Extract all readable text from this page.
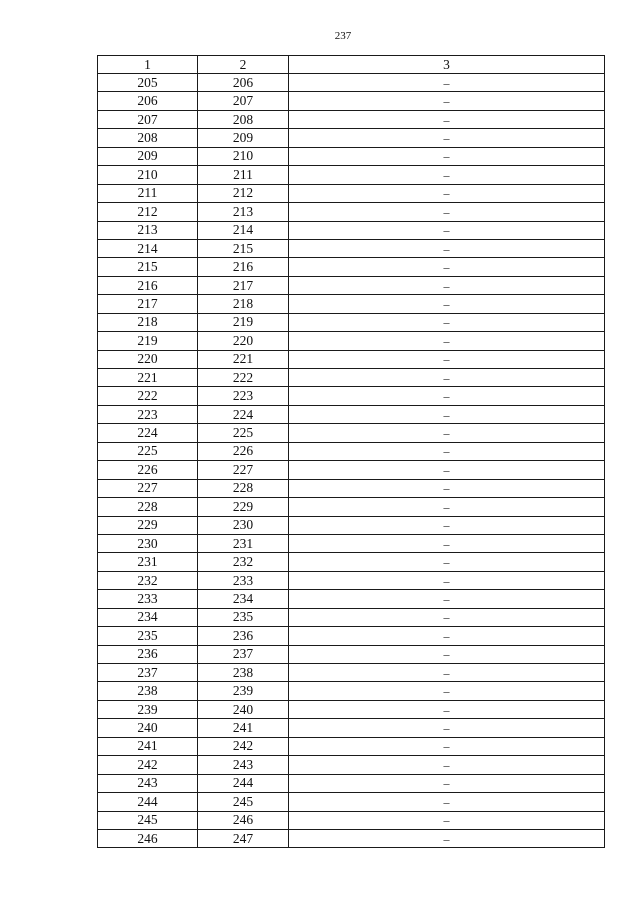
237
1	2	3
205	206	–
206	207	–
207	208	–
208	209	–
209	210	–
210	211	–
211	212	–
212	213	–
213	214	–
214	215	–
215	216	–
216	217	–
217	218	–
218	219	–
219	220	–
220	221	–
221	222	–
222	223	–
223	224	–
224	225	–
225	226	–
226	227	–
227	228	–
228	229	–
229	230	–
230	231	–
231	232	–
232	233	–
233	234	–
234	235	–
235	236	–
236	237	–
237	238	–
238	239	–
239	240	–
240	241	–
241	242	–
242	243	–
243	244	–
244	245	–
245	246	–
246	247	–
